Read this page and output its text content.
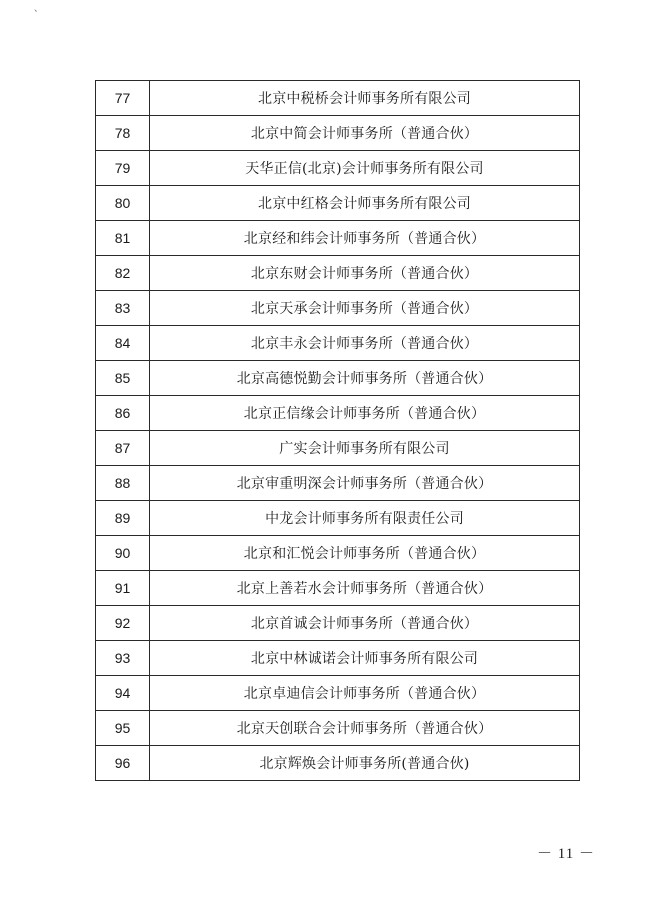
、
77	北京中税桥会计师事务所有限公司
78	北京中简会计师事务所（普通合伙）
79	天华正信(北京)会计师事务所有限公司
80	北京中红格会计师事务所有限公司
81	北京经和纬会计师事务所（普通合伙）
82	北京东财会计师事务所（普通合伙）
83	北京天承会计师事务所（普通合伙）
84	北京丰永会计师事务所（普通合伙）
85	北京高德悦勤会计师事务所（普通合伙）
86	北京正信缘会计师事务所（普通合伙）
87	广实会计师事务所有限公司
88	北京审重明深会计师事务所（普通合伙）
89	中龙会计师事务所有限责任公司
90	北京和汇悦会计师事务所（普通合伙）
91	北京上善若水会计师事务所（普通合伙）
92	北京首诚会计师事务所（普通合伙）
93	北京中林诚诺会计师事务所有限公司
94	北京卓迪信会计师事务所（普通合伙）
95	北京天创联合会计师事务所（普通合伙）
96	北京辉焕会计师事务所(普通合伙)
－ 11 －
